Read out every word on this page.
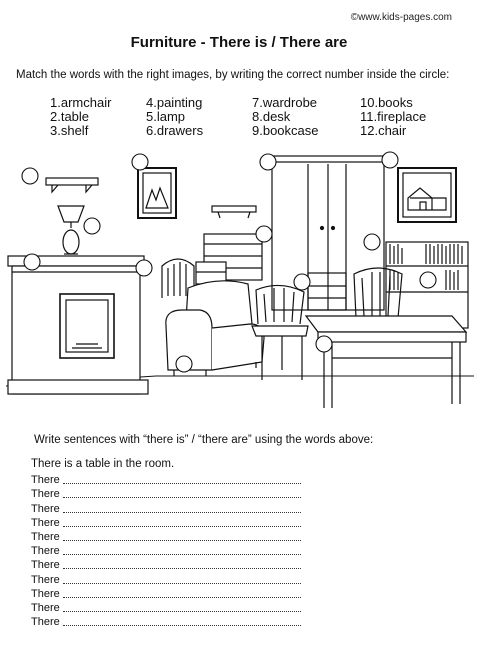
©www.kids-pages.com
Furniture - There is / There are
Match the words with the right images, by writing the correct number inside the circle:
1.armchair
2.table
3.shelf
4.painting
5.lamp
6.drawers
7.wardrobe
8.desk
9.bookcase
10.books
11.fireplace
12.chair
Write sentences with “there is” / “there are” using the words above:
There is a table in the room.
There
There
There
There
There
There
There
There
There
There
There
